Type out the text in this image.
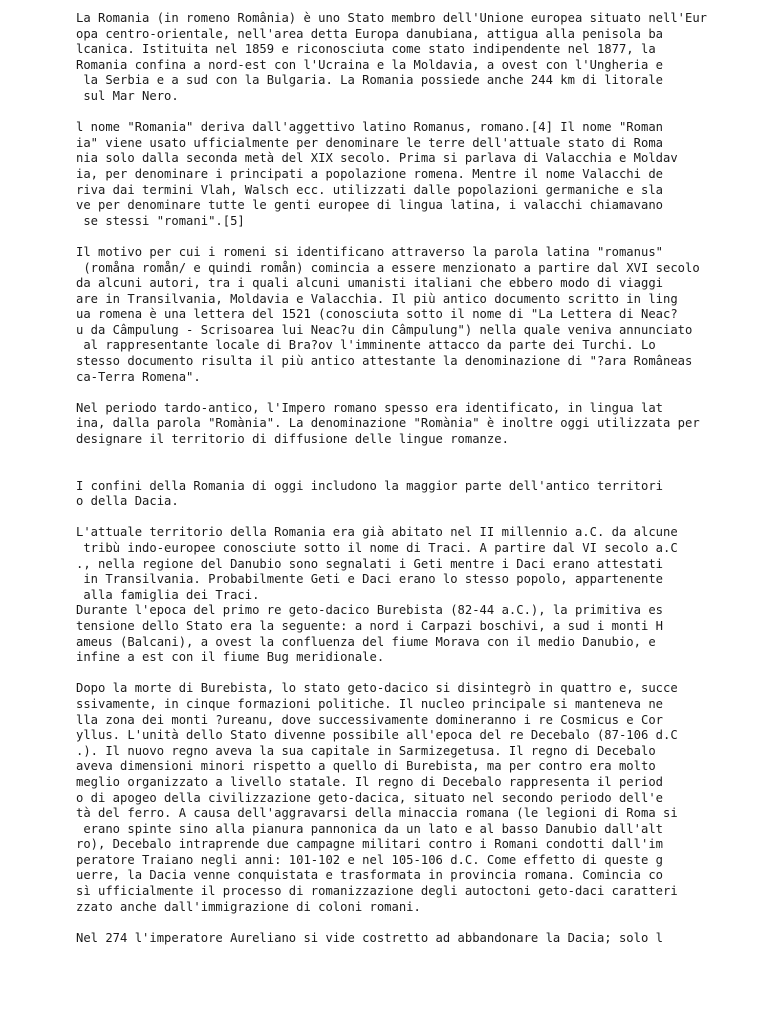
La Romania (in romeno România) è uno Stato membro dell'Unione europea situato nell'Eur
opa centro-orientale, nell'area detta Europa danubiana, attigua alla penisola ba
lcanica. Istituita nel 1859 e riconosciuta come stato indipendente nel 1877, la
Romania confina a nord-est con l'Ucraina e la Moldavia, a ovest con l'Ungheria e
la Serbia e a sud con la Bulgaria. La Romania possiede anche 244 km di litorale
sul Mar Nero.

l nome "Romania" deriva dall'aggettivo latino Romanus, romano.[4] Il nome "Roman
ia" viene usato ufficialmente per denominare le terre dell'attuale stato di Roma
nia solo dalla seconda metà del XIX secolo. Prima si parlava di Valacchia e Moldav
ia, per denominare i principati a popolazione romena. Mentre il nome Valacchi de
riva dai termini Vlah, Walsch ecc. utilizzati dalle popolazioni germaniche e sla
ve per denominare tutte le genti europee di lingua latina, i valacchi chiamavano
se stessi "romani".[5]

Il motivo per cui i romeni si identificano attraverso la parola latina "romanus"
(romåna romån/ e quindi romån) comincia a essere menzionato a partire dal XVI secolo
da alcuni autori, tra i quali alcuni umanisti italiani che ebbero modo di viaggi
are in Transilvania, Moldavia e Valacchia. Il più antico documento scritto in ling
ua romena è una lettera del 1521 (conosciuta sotto il nome di "La Lettera di Neac?
u da Câmpulung - Scrisoarea lui Neac?u din Câmpulung") nella quale veniva annunciato
al rappresentante locale di Bra?ov l'imminente attacco da parte dei Turchi. Lo
stesso documento risulta il più antico attestante la denominazione di "?ara Româneas
ca-Terra Romena".

Nel periodo tardo-antico, l'Impero romano spesso era identificato, in lingua lat
ina, dalla parola "Romània". La denominazione "Romània" è inoltre oggi utilizzata per
designare il territorio di diffusione delle lingue romanze.

I confini della Romania di oggi includono la maggior parte dell'antico territori
o della Dacia.

L'attuale territorio della Romania era già abitato nel II millennio a.C. da alcune
tribù indo-europee conosciute sotto il nome di Traci. A partire dal VI secolo a.C
., nella regione del Danubio sono segnalati i Geti mentre i Daci erano attestati
in Transilvania. Probabilmente Geti e Daci erano lo stesso popolo, appartenente
alla famiglia dei Traci.
Durante l'epoca del primo re geto-dacico Burebista (82-44 a.C.), la primitiva es
tensione dello Stato era la seguente: a nord i Carpazi boschivi, a sud i monti H
ameus (Balcani), a ovest la confluenza del fiume Morava con il medio Danubio, e
infine a est con il fiume Bug meridionale.

Dopo la morte di Burebista, lo stato geto-dacico si disintegrò in quattro e, succe
ssivamente, in cinque formazioni politiche. Il nucleo principale si manteneva ne
lla zona dei monti ?ureanu, dove successivamente domineranno i re Cosmicus e Cor
yllus. L'unità dello Stato divenne possibile all'epoca del re Decebalo (87-106 d.C
.). Il nuovo regno aveva la sua capitale in Sarmizegetusa. Il regno di Decebalo
aveva dimensioni minori rispetto a quello di Burebista, ma per contro era molto
meglio organizzato a livello statale. Il regno di Decebalo rappresenta il period
o di apogeo della civilizzazione geto-dacica, situato nel secondo periodo dell'e
tà del ferro. A causa dell'aggravarsi della minaccia romana (le legioni di Roma si
erano spinte sino alla pianura pannonica da un lato e al basso Danubio dall'alt
ro), Decebalo intraprende due campagne militari contro i Romani condotti dall'im
peratore Traiano negli anni: 101-102 e nel 105-106 d.C. Come effetto di queste g
uerre, la Dacia venne conquistata e trasformata in provincia romana. Comincia co
sì ufficialmente il processo di romanizzazione degli autoctoni geto-daci caratteri
zzato anche dall'immigrazione di coloni romani.

Nel 274 l'imperatore Aureliano si vide costretto ad abbandonare la Dacia; solo l
